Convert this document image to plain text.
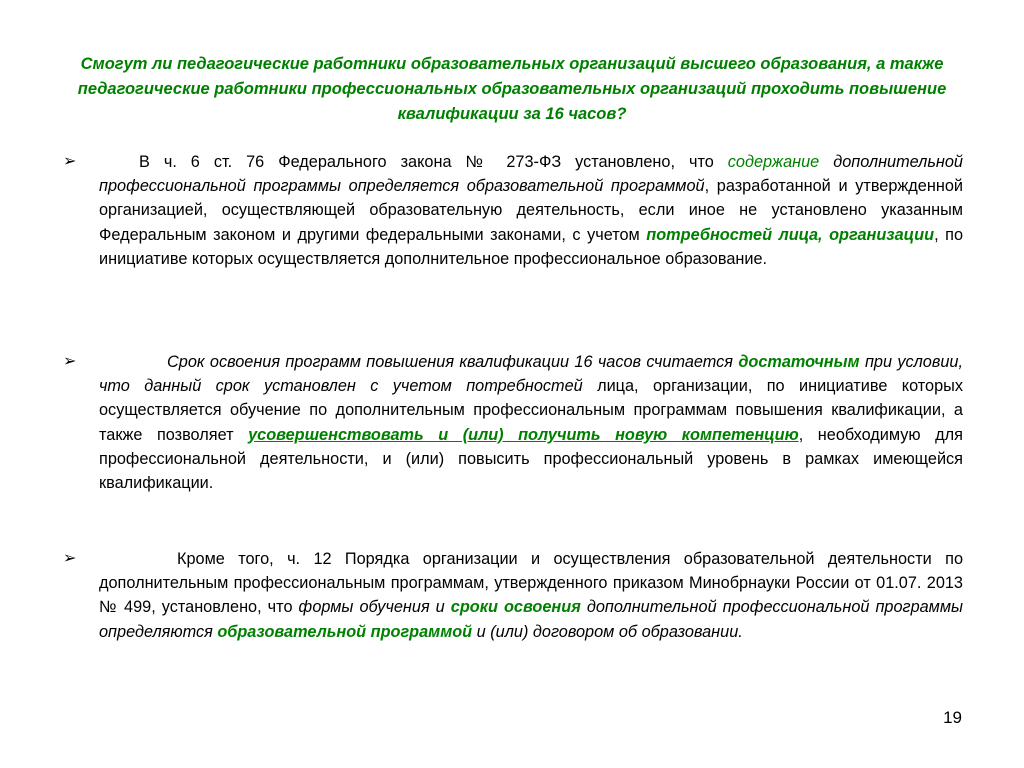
Смогут ли педагогические работники образовательных организаций высшего образования, а также педагогические работники профессиональных образовательных организаций проходить повышение квалификации за 16 часов?
➢	В ч. 6 ст. 76 Федерального закона № 273-ФЗ установлено, что содержание дополнительной профессиональной программы определяется образовательной программой, разработанной и утвержденной организацией, осуществляющей образовательную деятельность, если иное не установлено указанным Федеральным законом и другими федеральными законами, с учетом потребностей лица, организации, по инициативе которых осуществляется дополнительное профессиональное образование.
➢	Срок освоения программ повышения квалификации 16 часов считается достаточным при условии, что данный срок установлен с учетом потребностей лица, организации, по инициативе которых осуществляется обучение по дополнительным профессиональным программам повышения квалификации, а также позволяет усовершенствовать и (или) получить новую компетенцию, необходимую для профессиональной деятельности, и (или) повысить профессиональный уровень в рамках имеющейся квалификации.
➢	Кроме того, ч. 12 Порядка организации и осуществления образовательной деятельности по дополнительным профессиональным программам, утвержденного приказом Минобрнауки России от 01.07. 2013 № 499, установлено, что формы обучения и сроки освоения дополнительной профессиональной программы определяются образовательной программой и (или) договором об образовании.
19
